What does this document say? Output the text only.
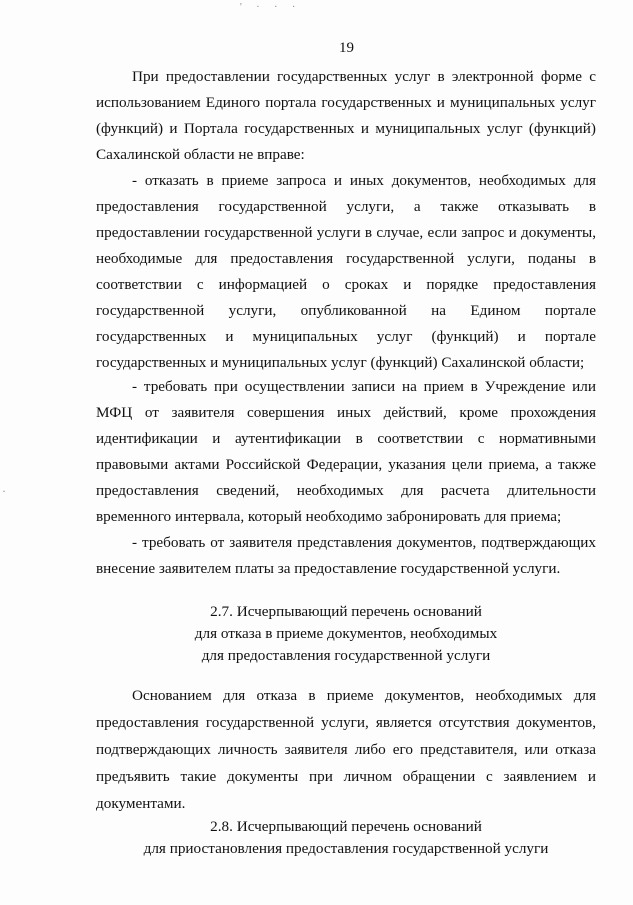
' · · ·
·
19

При предоставлении государственных услуг в электронной форме с использованием Единого портала государственных и муниципальных услуг (функций) и Портала государственных и муниципальных услуг (функций) Сахалинской области не вправе:

- отказать в приеме запроса и иных документов, необходимых для предоставления государственной услуги, а также отказывать в предоставлении государственной услуги в случае, если запрос и документы, необходимые для предоставления государственной услуги, поданы в соответствии с информацией о сроках и порядке предоставления государственной услуги, опубликованной на Едином портале государственных и муниципальных услуг (функций) и портале государственных и муниципальных услуг (функций) Сахалинской области;

- требовать при осуществлении записи на прием в Учреждение или МФЦ от заявителя совершения иных действий, кроме прохождения идентификации и аутентификации в соответствии с нормативными правовыми актами Российской Федерации, указания цели приема, а также предоставления сведений, необходимых для расчета длительности временного интервала, который необходимо забронировать для приема;

- требовать от заявителя представления документов, подтверждающих внесение заявителем платы за предоставление государственной услуги.

2.7. Исчерпывающий перечень оснований
для отказа в приеме документов, необходимых
для предоставления государственной услуги

Основанием для отказа в приеме документов, необходимых для предоставления государственной услуги, является отсутствия документов, подтверждающих личность заявителя либо его представителя, или отказа предъявить такие документы при личном обращении с заявлением и документами.

2.8. Исчерпывающий перечень оснований
для приостановления предоставления государственной услуги
